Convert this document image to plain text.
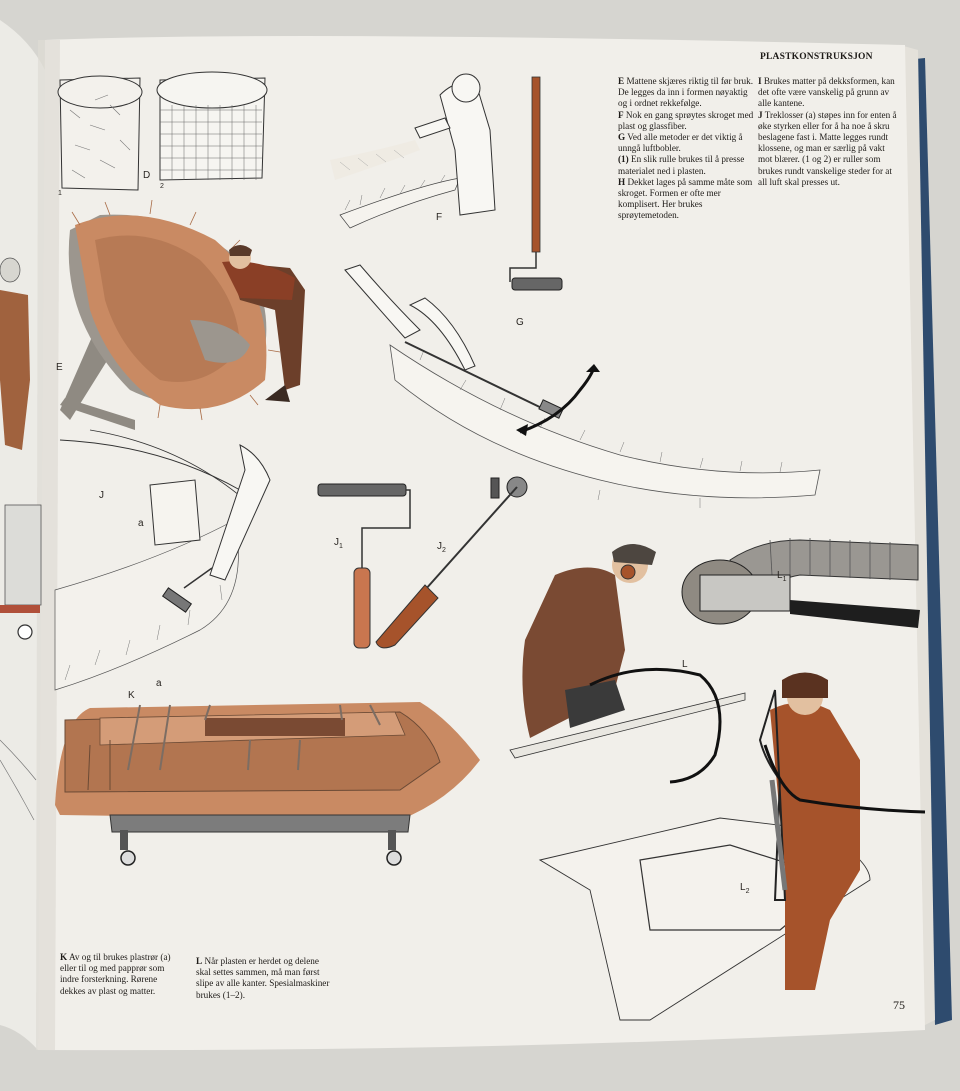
PLASTKONSTRUKSJON

E Mattene skjæres riktig til før bruk. De legges da inn i formen nøyaktig og i ordnet rekkefølge.

F Nok en gang sprøytes skroget med plast og glassfiber.

G Ved alle metoder er det viktig å unngå luftbobler.

(1) En slik rulle brukes til å presse materialet ned i plasten.

H Dekket lages på samme måte som skroget. Formen er ofte mer komplisert. Her brukes sprøytemetoden.

I Brukes matter på dekksformen, kan det ofte være vanskelig på grunn av alle kantene.

J Treklosser (a) støpes inn for enten å øke styrken eller for å ha noe å skru beslagene fast i. Matte legges rundt klossene, og man er særlig på vakt mot blærer. (1 og 2) er ruller som brukes rundt vanskelige steder for at all luft skal presses ut.

K Av og til brukes plastrør (a) eller til og med papprør som indre forsterkning. Rørene dekkes av plast og matter.

L Når plasten er herdet og delene skal settes sammen, må man først slipe av alle kanter. Spesialmaskiner brukes (1–2).

75
D
1
2
E
F
G
J
a
$J_1$	$J_2$
K
a
L
$L_1$
$L_2$
